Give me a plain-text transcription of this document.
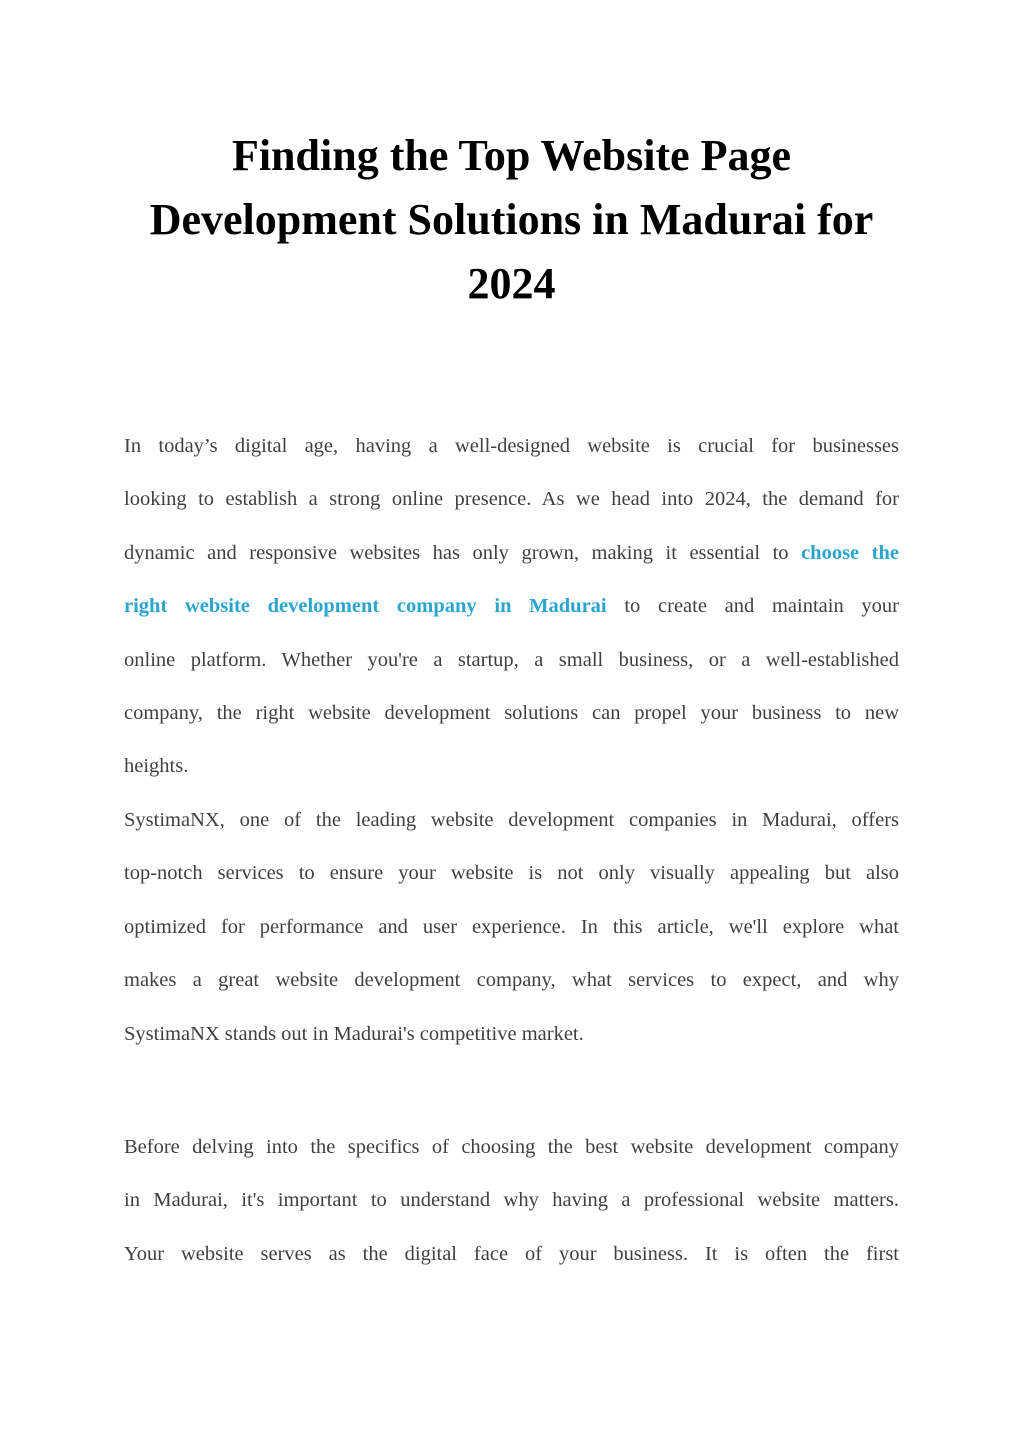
Finding the Top Website Page
Development Solutions in Madurai for
2024
In today’s digital age, having a well-designed website is crucial for businesses
looking to establish a strong online presence. As we head into 2024, the demand for
dynamic and responsive websites has only grown, making it essential to choose the
right website development company in Madurai to create and maintain your
online platform. Whether you're a startup, a small business, or a well-established
company, the right website development solutions can propel your business to new
heights.
SystimaNX, one of the leading website development companies in Madurai, offers
top-notch services to ensure your website is not only visually appealing but also
optimized for performance and user experience. In this article, we'll explore what
makes a great website development company, what services to expect, and why
SystimaNX stands out in Madurai's competitive market.
Before delving into the specifics of choosing the best website development company
in Madurai, it's important to understand why having a professional website matters.
Your website serves as the digital face of your business. It is often the first
